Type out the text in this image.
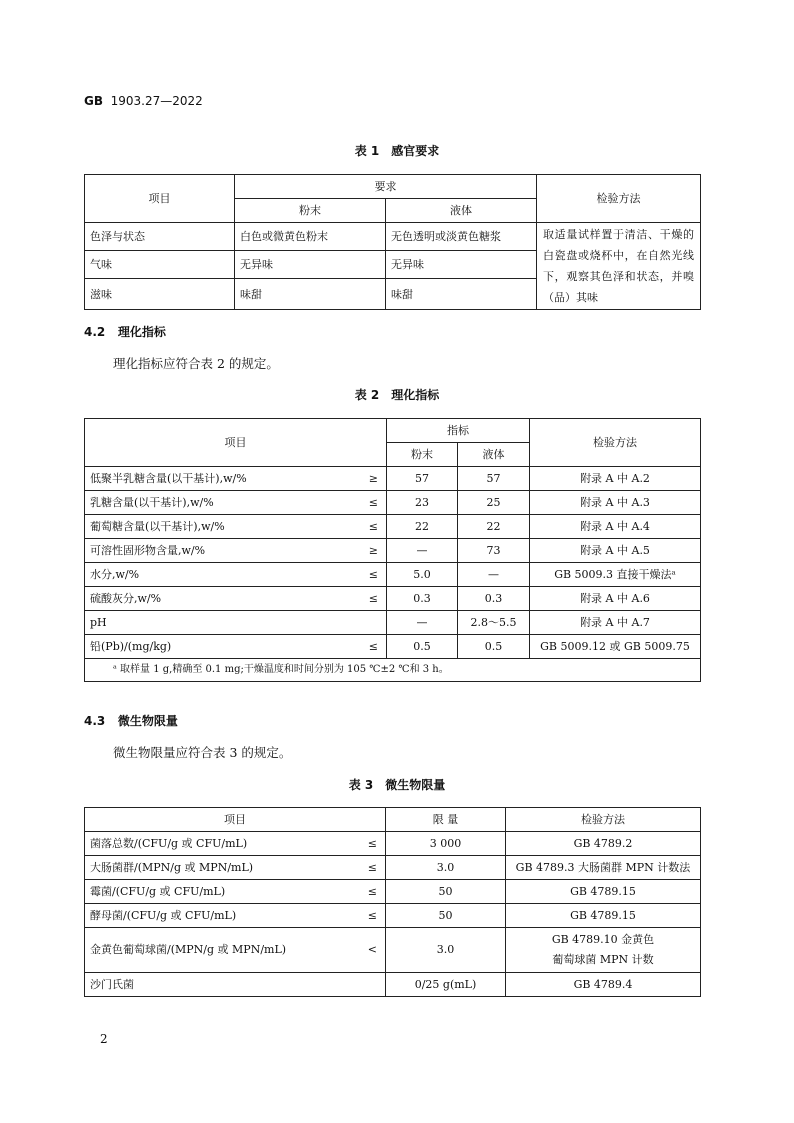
GB 1903.27—2022
表 1　感官要求
项目	要求		检验方法
	粉末	液体	
色泽与状态	白色或微黄色粉末	无色透明或淡黄色糖浆	取适量试样置于清洁、干燥的白瓷盘或烧杯中，在自然光线下，观察其色泽和状态，并嗅（品）其味
气味	无异味	无异味	
滋味	味甜	味甜	
4.2 理化指标
理化指标应符合表 2 的规定。
表 2　理化指标
项目		指标		检验方法
		粉末	液体	
低聚半乳糖含量(以干基计),w/%	≥	57	57	附录 A 中 A.2
乳糖含量(以干基计),w/%	≤	23	25	附录 A 中 A.3
葡萄糖含量(以干基计),w/%	≤	22	22	附录 A 中 A.4
可溶性固形物含量,w/%	≥	—	73	附录 A 中 A.5
水分,w/%	≤	5.0	—	GB 5009.3 直接干燥法ᵃ
硫酸灰分,w/%	≤	0.3	0.3	附录 A 中 A.6
pH		—	2.8～5.5	附录 A 中 A.7
铅(Pb)/(mg/kg)	≤	0.5	0.5	GB 5009.12 或 GB 5009.75
ᵃ 取样量 1 g,精确至 0.1 mg;干燥温度和时间分别为 105 ℃±2 ℃和 3 h。				
4.3 微生物限量
微生物限量应符合表 3 的规定。
表 3　微生物限量
项目		限 量	检验方法
菌落总数/(CFU/g 或 CFU/mL)	≤	3 000	GB 4789.2
大肠菌群/(MPN/g 或 MPN/mL)	≤	3.0	GB 4789.3 大肠菌群 MPN 计数法
霉菌/(CFU/g 或 CFU/mL)	≤	50	GB 4789.15
酵母菌/(CFU/g 或 CFU/mL)	≤	50	GB 4789.15
金黄色葡萄球菌/(MPN/g 或 MPN/mL)	<	3.0	GB 4789.10 金黄色
葡萄球菌 MPN 计数

沙门氏菌		0/25 g(mL)	GB 4789.4
2
